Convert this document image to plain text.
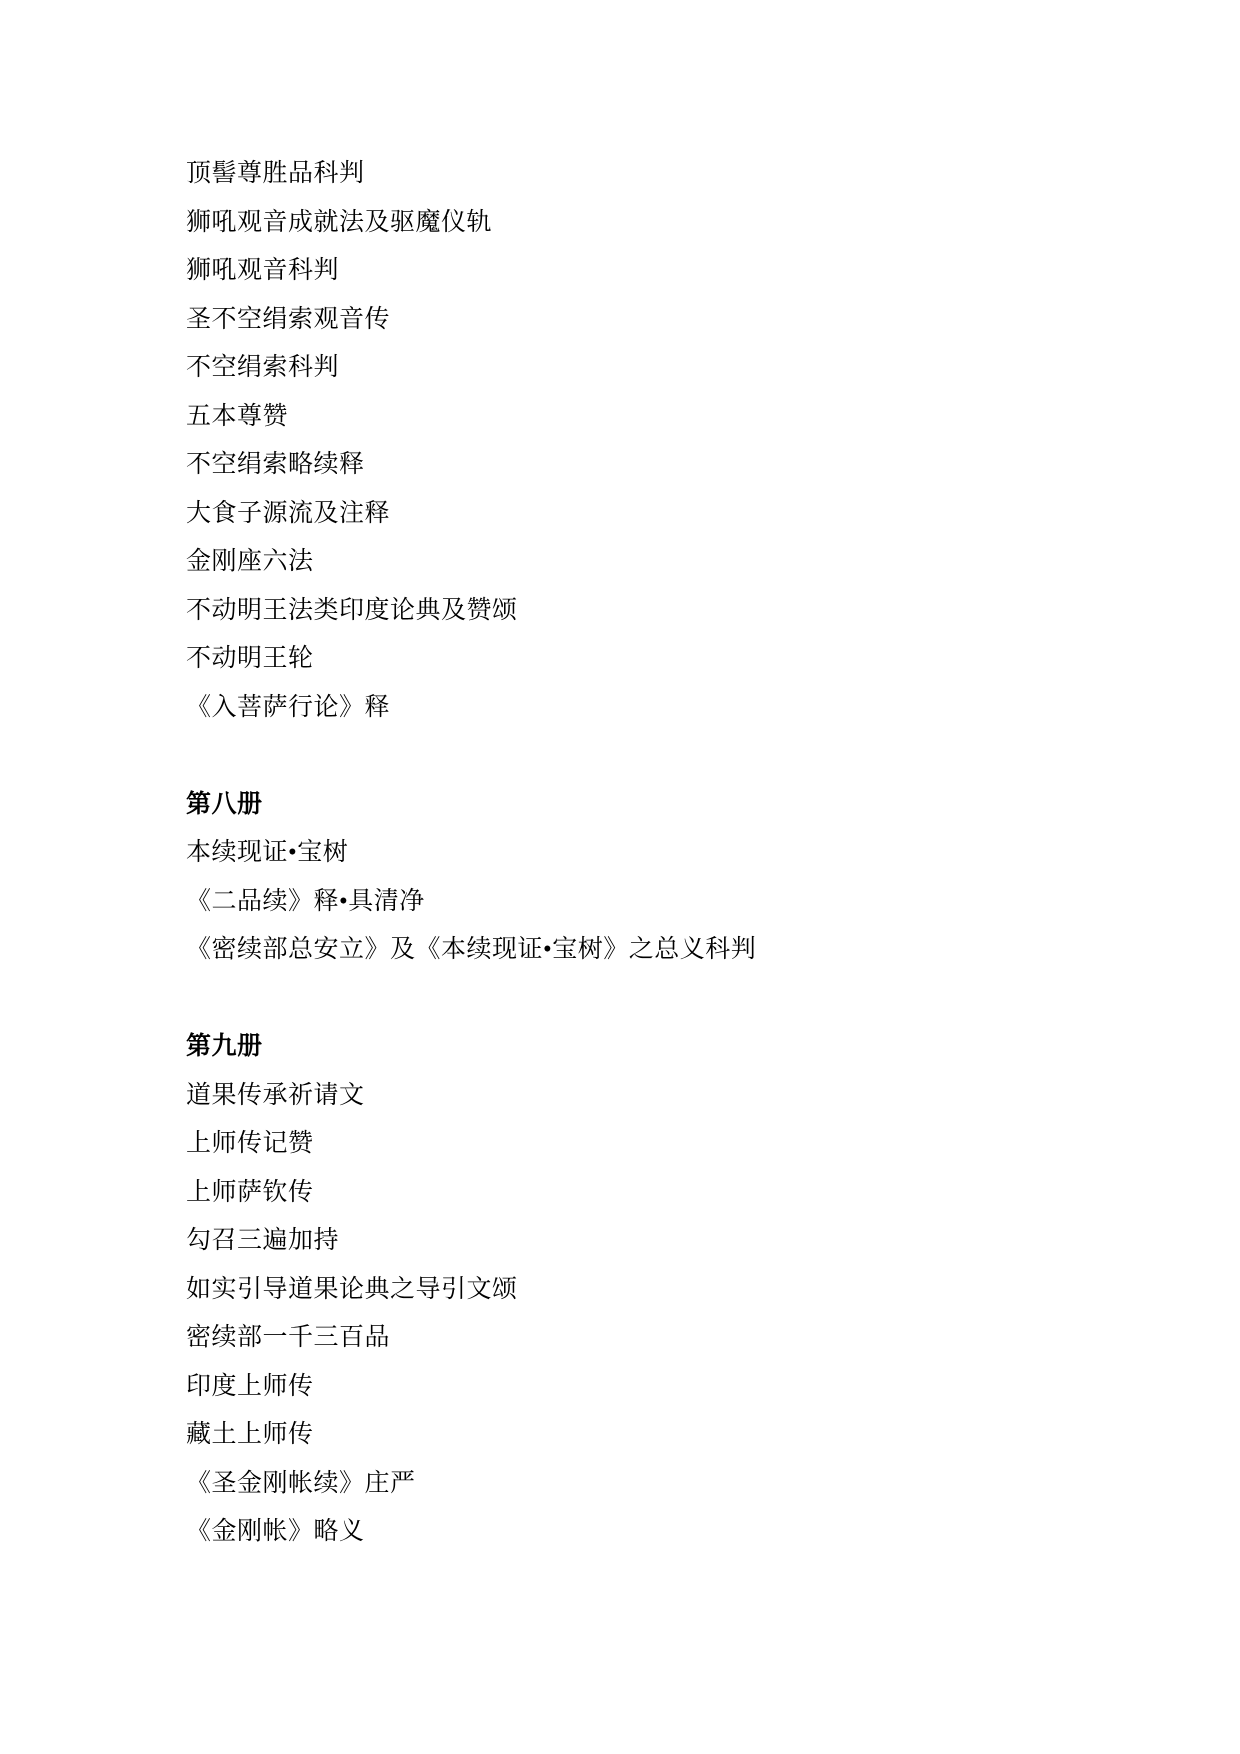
顶髻尊胜品科判

狮吼观音成就法及驱魔仪轨

狮吼观音科判

圣不空绢索观音传

不空绢索科判

五本尊赞

不空绢索略续释

大食子源流及注释

金刚座六法

不动明王法类印度论典及赞颂

不动明王轮

《入菩萨行论》释

第八册

本续现证•宝树

《二品续》释•具清净

《密续部总安立》及《本续现证•宝树》之总义科判

第九册

道果传承祈请文

上师传记赞

上师萨钦传

勾召三遍加持

如实引导道果论典之导引文颂

密续部一千三百品

印度上师传

藏土上师传

《圣金刚帐续》庄严

《金刚帐》略义
